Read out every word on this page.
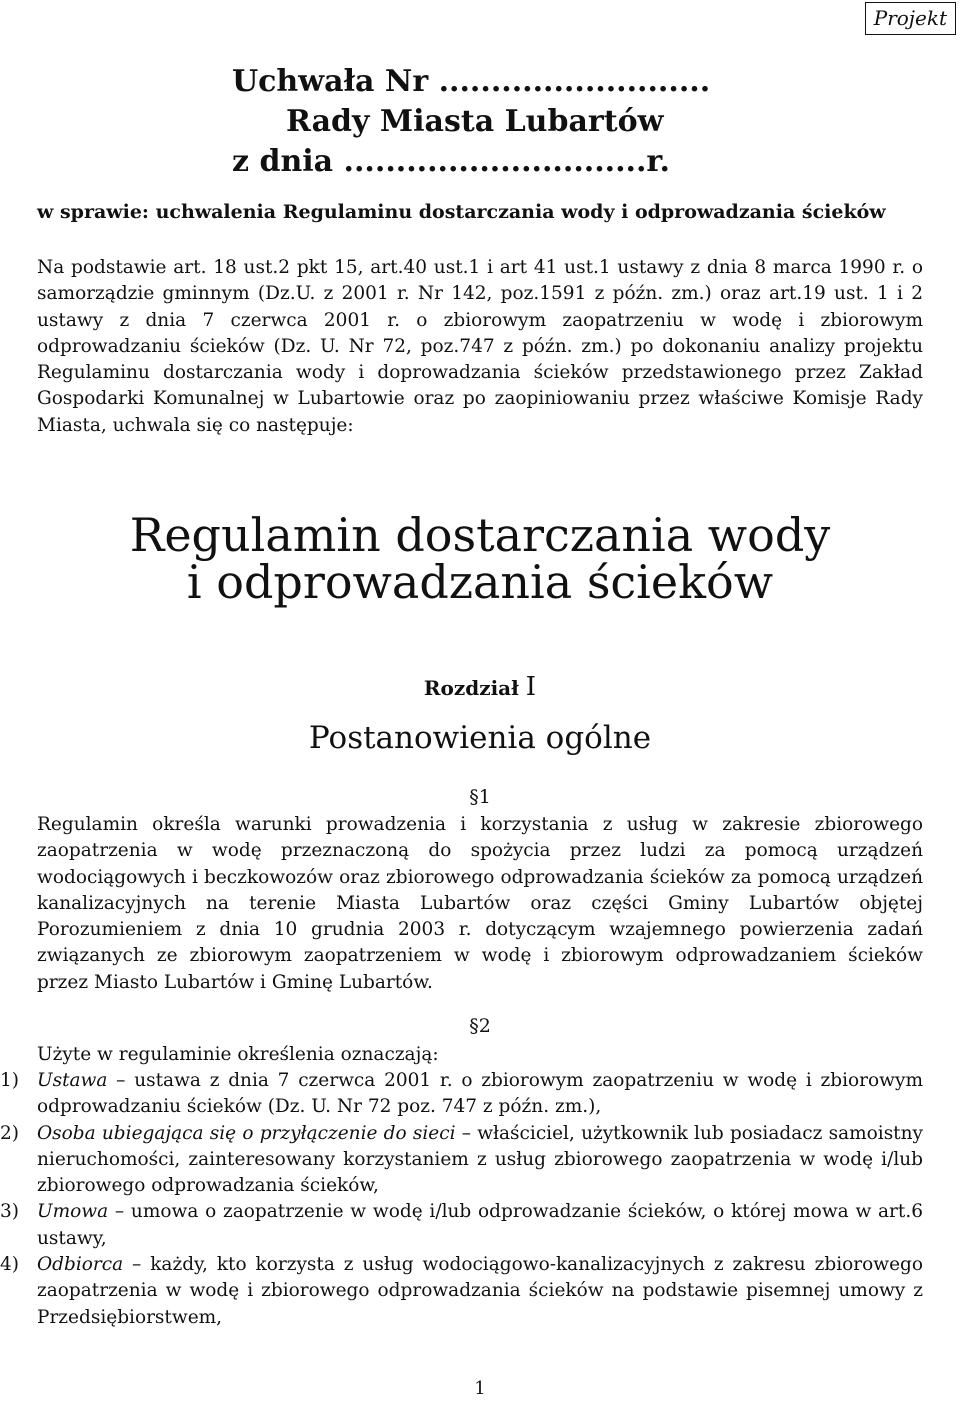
Projekt
Uchwała Nr ..........................
Rady Miasta Lubartów
z dnia .............................r.
w sprawie: uchwalenia Regulaminu dostarczania wody i odprowadzania ścieków
Na podstawie art. 18 ust.2 pkt 15, art.40 ust.1 i art 41 ust.1 ustawy z dnia 8 marca 1990 r. o samorządzie gminnym (Dz.U. z 2001 r. Nr 142, poz.1591 z późn. zm.) oraz art.19 ust. 1 i 2 ustawy z dnia 7 czerwca 2001 r. o zbiorowym zaopatrzeniu w wodę i zbiorowym odprowadzaniu ścieków (Dz. U. Nr 72, poz.747 z późn. zm.) po dokonaniu analizy projektu Regulaminu dostarczania wody i doprowadzania ścieków przedstawionego przez Zakład Gospodarki Komunalnej w Lubartowie oraz po zaopiniowaniu przez właściwe Komisje Rady Miasta, uchwala się co następuje:
Regulamin dostarczania wody
i odprowadzania ścieków
Rozdział I
Postanowienia ogólne
§1
Regulamin określa warunki prowadzenia i korzystania z usług w zakresie zbiorowego zaopatrzenia w wodę przeznaczoną do spożycia przez ludzi za pomocą urządzeń wodociągowych i beczkowozów oraz zbiorowego odprowadzania ścieków za pomocą urządzeń kanalizacyjnych na terenie Miasta Lubartów oraz części Gminy Lubartów objętej Porozumieniem z dnia 10 grudnia 2003 r. dotyczącym wzajemnego powierzenia zadań związanych ze zbiorowym zaopatrzeniem w wodę i zbiorowym odprowadzaniem ścieków przez Miasto Lubartów i Gminę Lubartów.
§2
Użyte w regulaminie określenia oznaczają:
1) Ustawa – ustawa z dnia 7 czerwca 2001 r. o zbiorowym zaopatrzeniu w wodę i zbiorowym odprowadzaniu ścieków (Dz. U. Nr 72 poz. 747 z późn. zm.),
2) Osoba ubiegająca się o przyłączenie do sieci – właściciel, użytkownik lub posiadacz samoistny nieruchomości, zainteresowany korzystaniem z usług zbiorowego zaopatrzenia w wodę i/lub zbiorowego odprowadzania ścieków,
3) Umowa – umowa o zaopatrzenie w wodę i/lub odprowadzanie ścieków, o której mowa w art.6 ustawy,
4) Odbiorca – każdy, kto korzysta z usług wodociągowo-kanalizacyjnych z zakresu zbiorowego zaopatrzenia w wodę i zbiorowego odprowadzania ścieków na podstawie pisemnej umowy z Przedsiębiorstwem,
1
